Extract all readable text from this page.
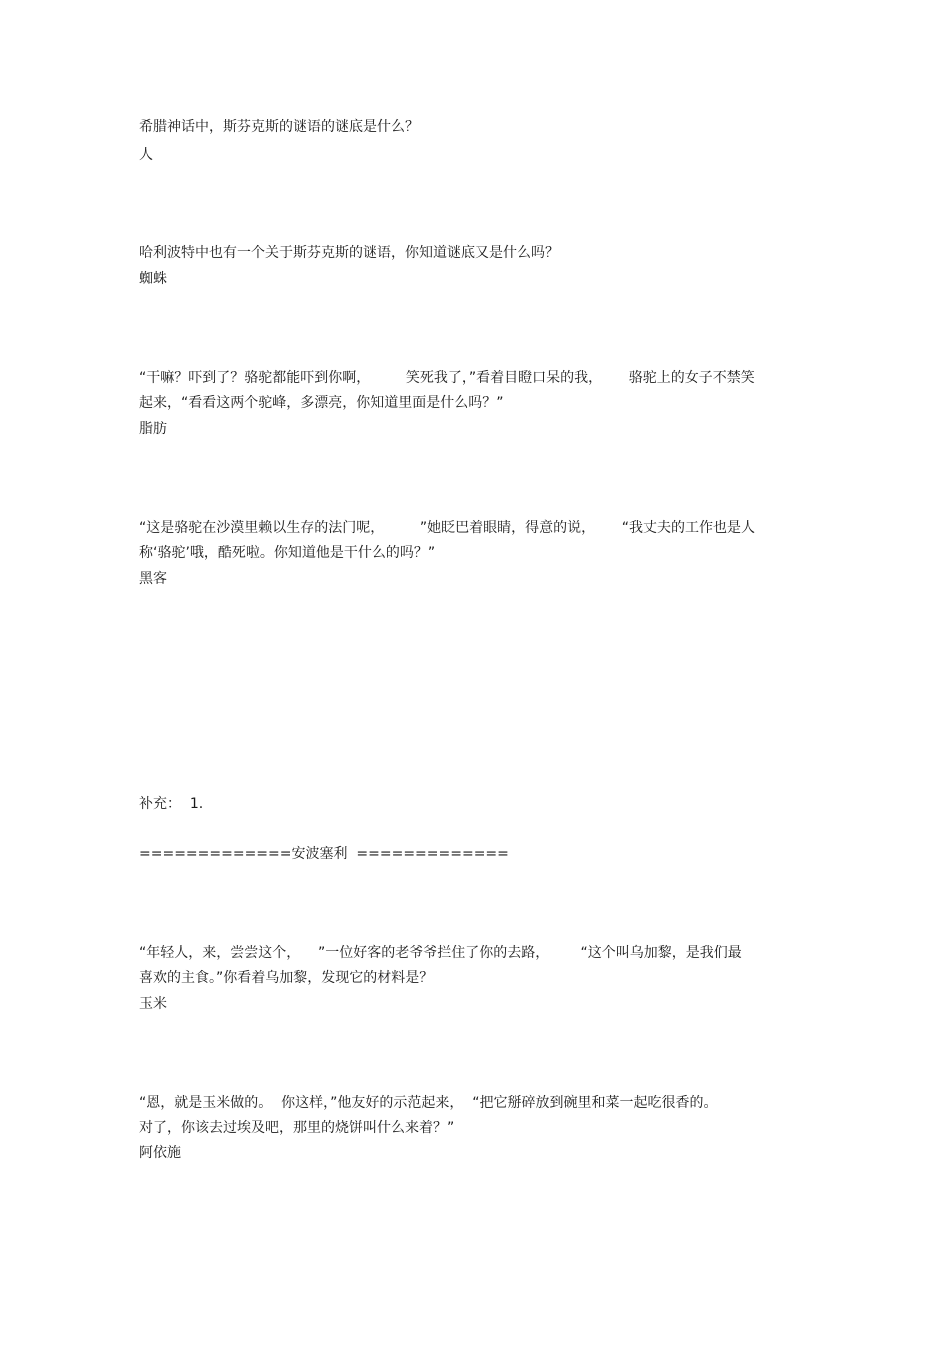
希腊神话中，斯芬克斯的谜语的谜底是什么？
人
哈利波特中也有一个关于斯芬克斯的谜语，你知道谜底又是什么吗？
蜘蛛
“干嘛？吓到了？骆驼都能吓到你啊，        笑死我了，”看着目瞪口呆的我，      骆驼上的女子不禁笑
起来，“看看这两个驼峰，多漂亮，你知道里面是什么吗？”
脂肪
“这是骆驼在沙漠里赖以生存的法门呢，        ”她眨巴着眼睛，得意的说，      “我丈夫的工作也是人
称‘骆驼’哦，酷死啦。你知道他是干什么的吗？”
黑客
补充：  1.
=============安波塞利  =============
“年轻人，来，尝尝这个，    ”一位好客的老爷爷拦住了你的去路，       “这个叫乌加黎，是我们最
喜欢的主食。”你看着乌加黎，发现它的材料是？
玉米
“恩，就是玉米做的。  你这样，”他友好的示范起来，  “把它掰碎放到碗里和菜一起吃很香的。
对了，你该去过埃及吧，那里的烧饼叫什么来着？”
阿依施
